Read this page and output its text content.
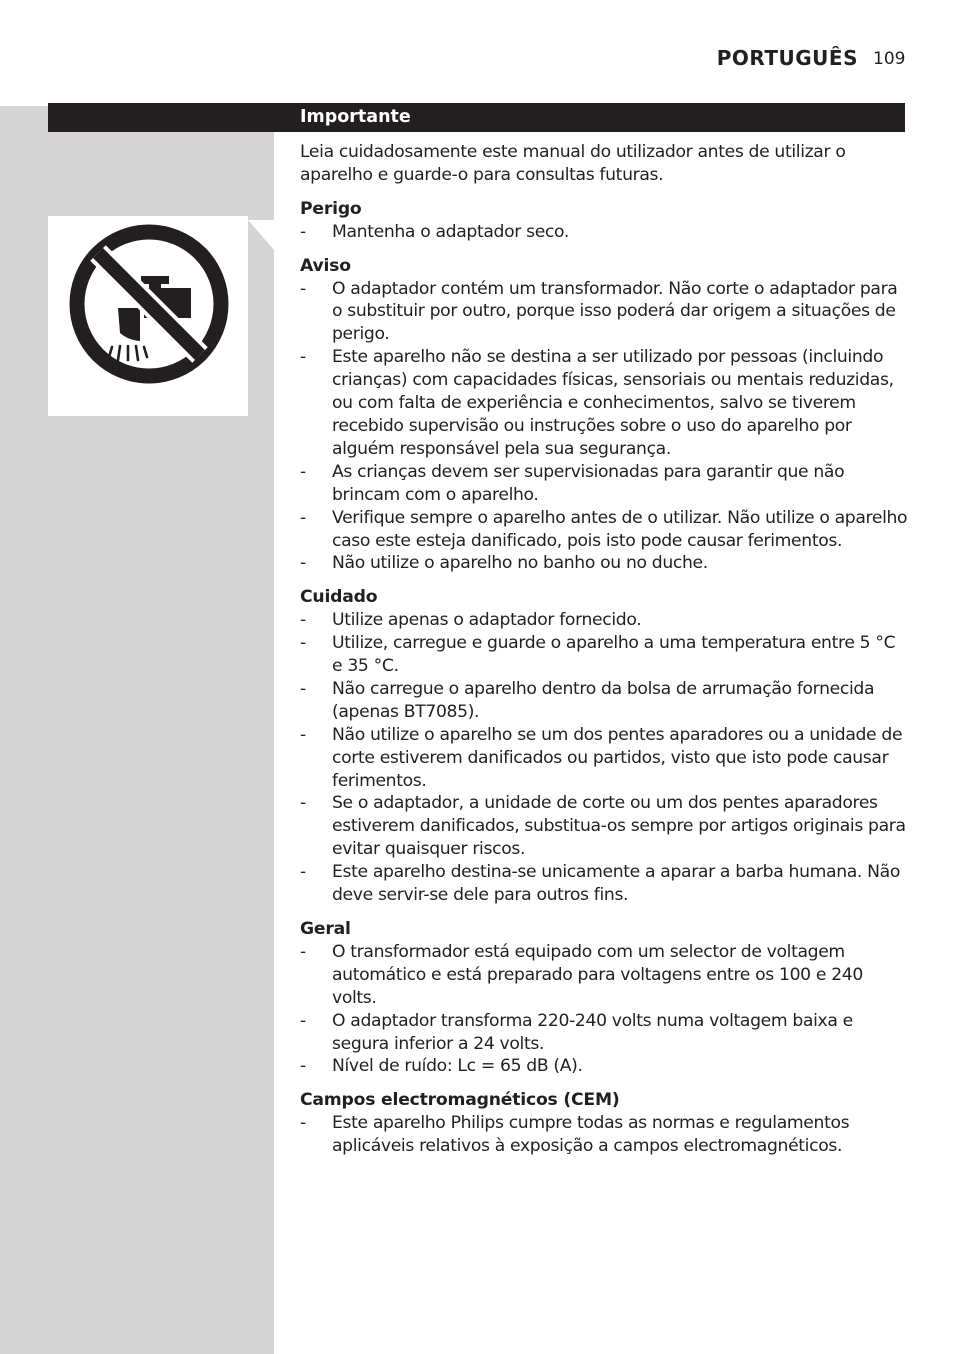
PORTUGUÊS 109
Importante

Leia cuidadosamente este manual do utilizador antes de utilizar o aparelho e guarde-o para consultas futuras.

Perigo

- Mantenha o adaptador seco.

Aviso

- O adaptador contém um transformador. Não corte o adaptador para o substituir por outro, porque isso poderá dar origem a situações de perigo.
- Este aparelho não se destina a ser utilizado por pessoas (incluindo crianças) com capacidades físicas, sensoriais ou mentais reduzidas, ou com falta de experiência e conhecimentos, salvo se tiverem recebido supervisão ou instruções sobre o uso do aparelho por alguém responsável pela sua segurança.
- As crianças devem ser supervisionadas para garantir que não brincam com o aparelho.
- Verifique sempre o aparelho antes de o utilizar. Não utilize o aparelho caso este esteja danificado, pois isto pode causar ferimentos.
- Não utilize o aparelho no banho ou no duche.

Cuidado

- Utilize apenas o adaptador fornecido.
- Utilize, carregue e guarde o aparelho a uma temperatura entre 5 °C e 35 °C.
- Não carregue o aparelho dentro da bolsa de arrumação fornecida (apenas BT7085).
- Não utilize o aparelho se um dos pentes aparadores ou a unidade de corte estiverem danificados ou partidos, visto que isto pode causar ferimentos.
- Se o adaptador, a unidade de corte ou um dos pentes aparadores estiverem danificados, substitua-os sempre por artigos originais para evitar quaisquer riscos.
- Este aparelho destina-se unicamente a aparar a barba humana. Não deve servir-se dele para outros fins.

Geral

- O transformador está equipado com um selector de voltagem automático e está preparado para voltagens entre os 100 e 240 volts.
- O adaptador transforma 220-240 volts numa voltagem baixa e segura inferior a 24 volts.
- Nível de ruído: Lc = 65 dB (A).

Campos electromagnéticos (CEM)

- Este aparelho Philips cumpre todas as normas e regulamentos aplicáveis relativos à exposição a campos electromagnéticos.
